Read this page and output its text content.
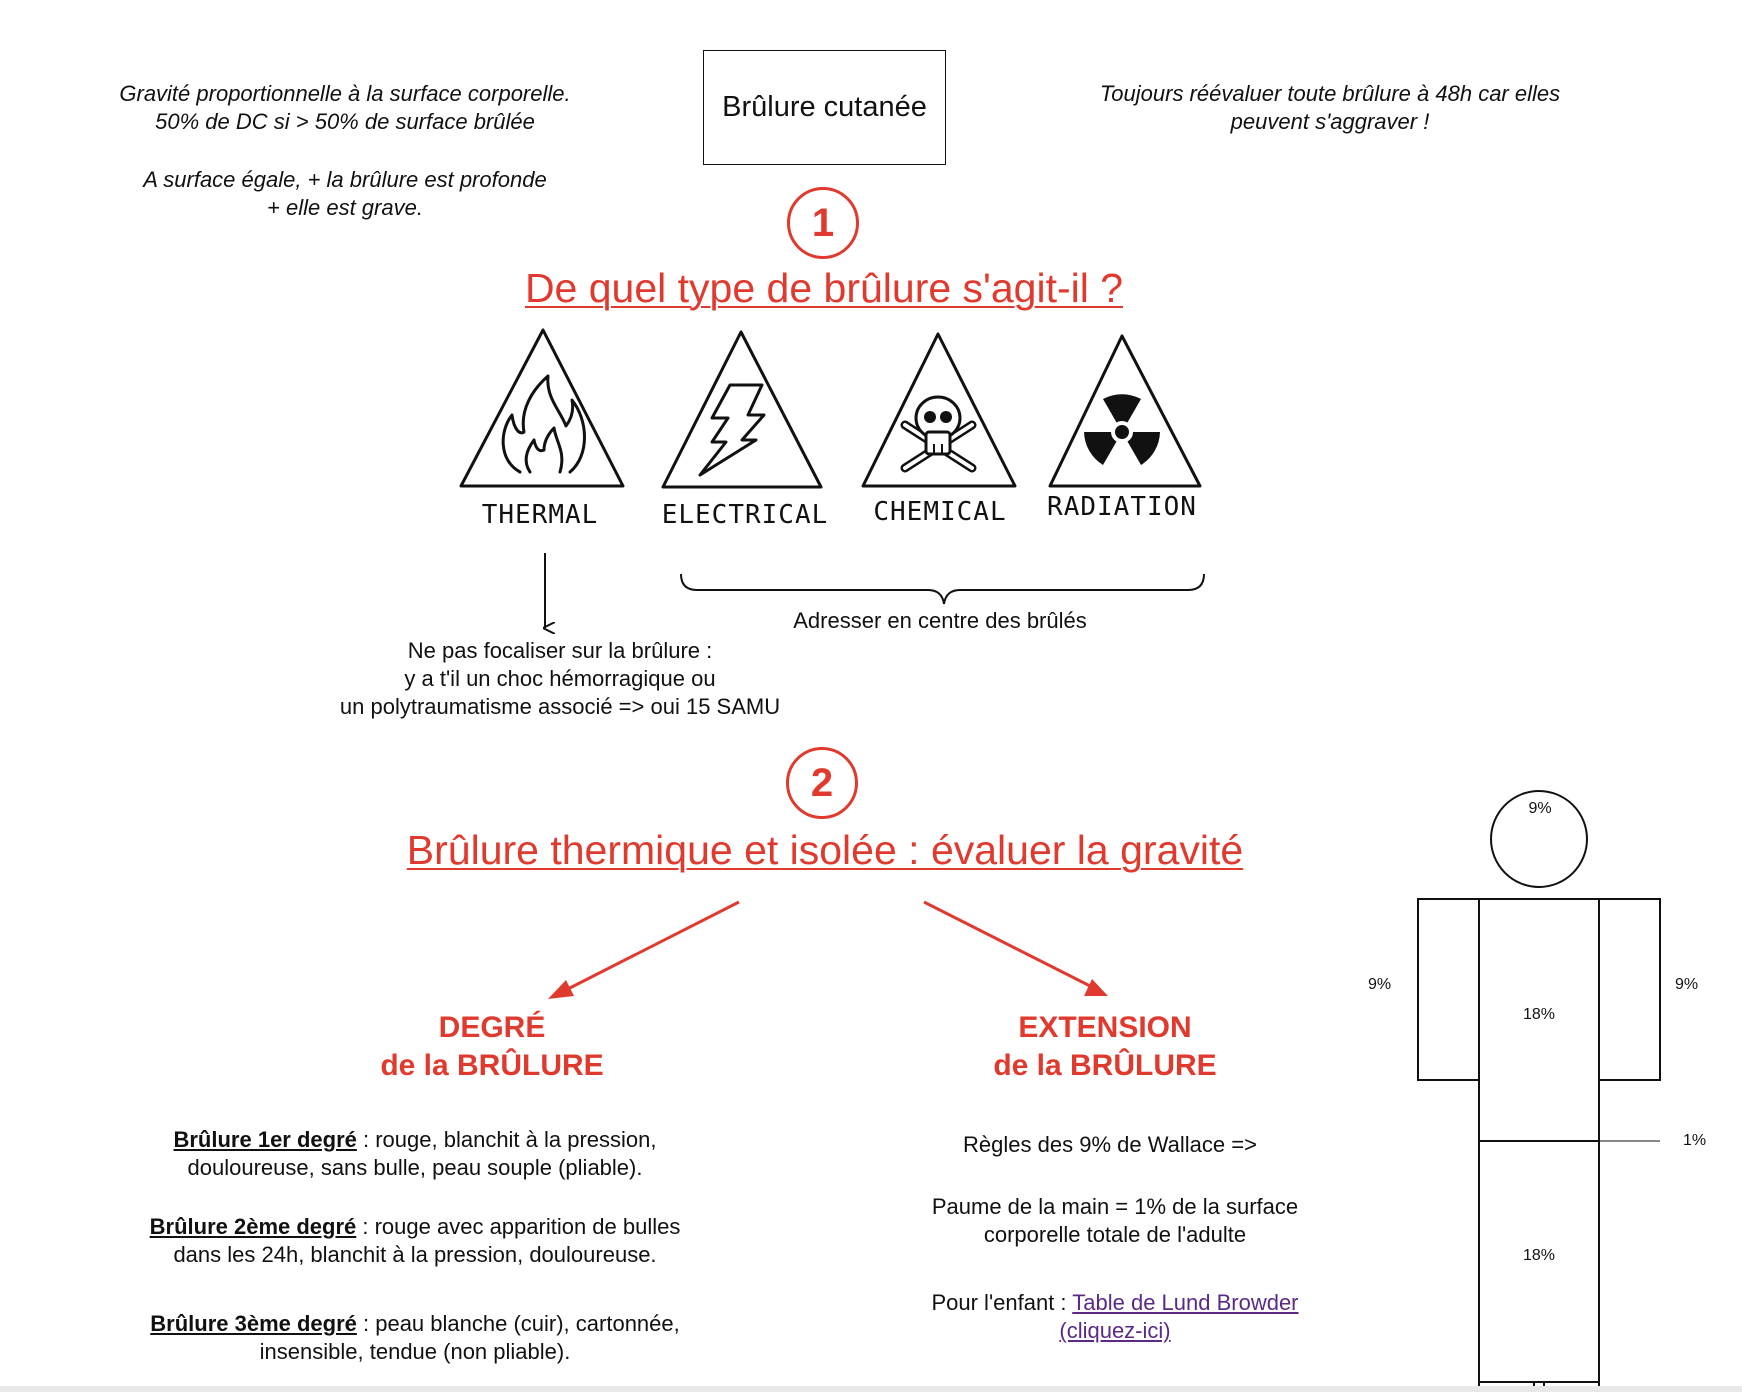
Brûlure cutanée
Gravité proportionnelle à la surface corporelle.
50% de DC si > 50% de surface brûlée
A surface égale, + la brûlure est profonde
+ elle est grave.
Toujours réévaluer toute brûlure à 48h car elles
peuvent s'aggraver !
1
De quel type de brûlure s'agit-il ?
THERMAL	ELECTRICAL	CHEMICAL	RADIATION
Adresser en centre des brûlés
Ne pas focaliser sur la brûlure :
y a t'il un choc hémorragique ou
un polytraumatisme associé => oui 15 SAMU
2
Brûlure thermique et isolée : évaluer la gravité
DEGRÉ
de la BRÛLURE
Brûlure 1er degré : rouge, blanchit à la pression,
douloureuse, sans bulle, peau souple (pliable).
Brûlure 2ème degré : rouge avec apparition de bulles
dans les 24h, blanchit à la pression, douloureuse.
Brûlure 3ème degré : peau blanche (cuir), cartonnée,
insensible, tendue (non pliable).
EXTENSION
de la BRÛLURE
Règles des 9% de Wallace =>
Paume de la main = 1% de la surface
corporelle totale de l'adulte
Pour l'enfant : Table de Lund Browder
(cliquez-ici)
9%
9%	9%
18%
1%
18%
